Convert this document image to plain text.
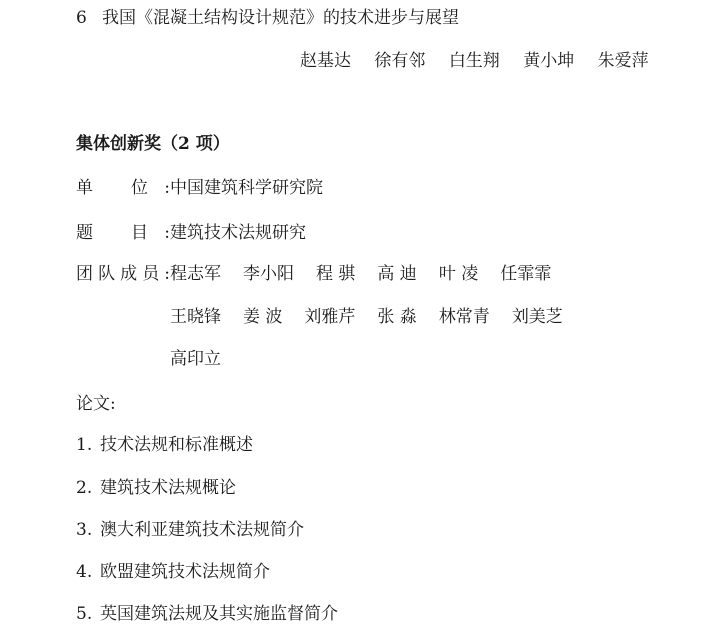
6 我国《混凝土结构设计规范》的技术进步与展望
赵基达 徐有邻 白生翔 黄小坤 朱爱萍
集体创新奖（2 项）
单 位:中国建筑科学研究院
题 目:建筑技术法规研究
团队成员:程志军 李小阳 程 骐 高 迪 叶 凌 任霏霏
王晓锋 姜 波 刘雅芹 张 淼 林常青 刘美芝
高印立
论文:
1. 技术法规和标准概述
2. 建筑技术法规概论
3. 澳大利亚建筑技术法规简介
4. 欧盟建筑技术法规简介
5. 英国建筑法规及其实施监督简介
